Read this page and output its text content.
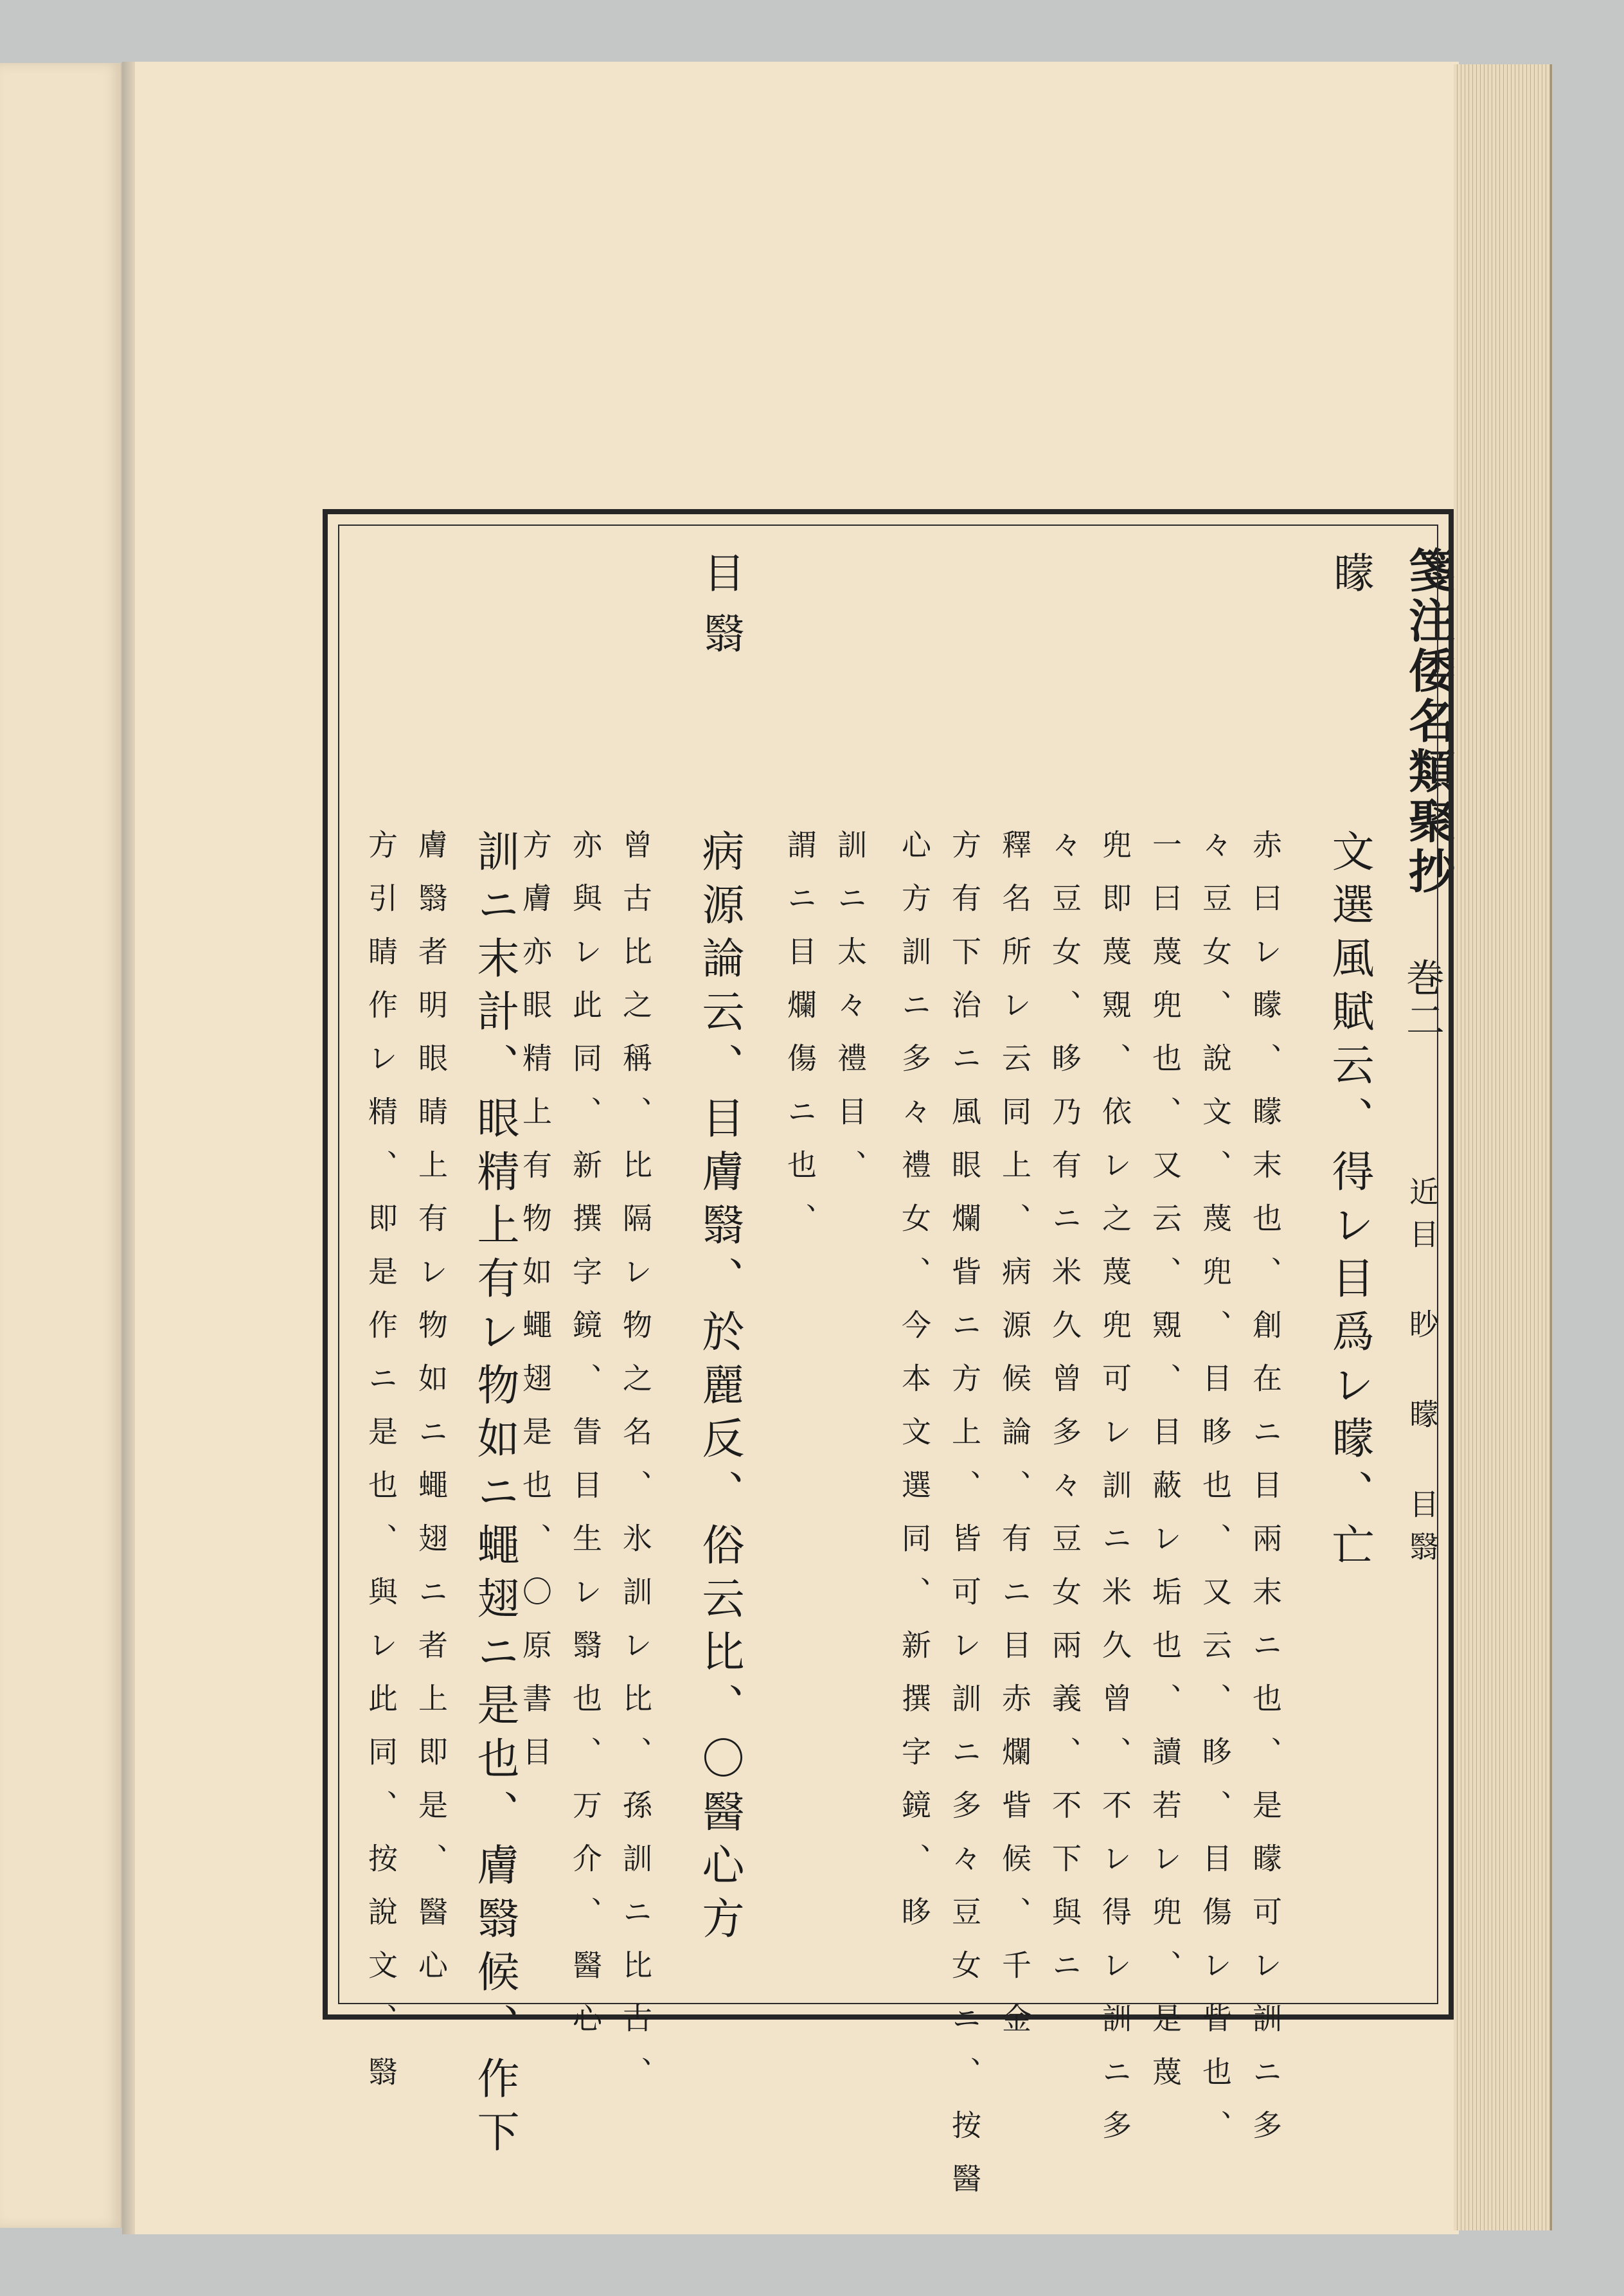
箋注倭名類聚抄
巻二
近目 眇 矇 目翳
矇
文選風賦云、得レ目爲レ矇、亡
赤曰レ矇、矇末也、創在ニ目兩末ニ也、是矇可レ訓ニ多
々豆女、說文、蔑兜、目眵也、又云、眵、目傷レ眥也、
一曰蔑兜也、又云、覭、目蔽レ垢也、讀若レ兜、是蔑
兜即蔑覭、依レ之蔑兜可レ訓ニ米久曾、不レ得レ訓ニ多
々豆女、眵乃有ニ米久曾多々豆女兩義、不下與ニ
釋名所レ云同上、病源候論、有ニ目赤爛眥候、千金
方有下治ニ風眼爛眥ニ方上、皆可レ訓ニ多々豆女ニ、按醫
心方訓ニ多々禮女、今本文選同、新撰字鏡、眵
訓ニ太々禮目、
謂ニ目爛傷ニ也、
目翳
病源論云、目膚翳、於麗反、俗云比、〇醫心方
曾古比之稱、比隔レ物之名、氷訓レ比、孫訓ニ比古、
亦與レ此同、新撰字鏡、眚目生レ翳也、万介、醫心
方膚亦眼精上有物如蠅翅是也、〇原書目
訓ニ末計、眼精上有レ物如ニ蠅翅ニ是也、膚翳候、作下
膚翳者明眼睛上有レ物如ニ蠅翅ニ者上即是、醫心
方引睛作レ精、即是作ニ是也、與レ此同、按說文、翳
